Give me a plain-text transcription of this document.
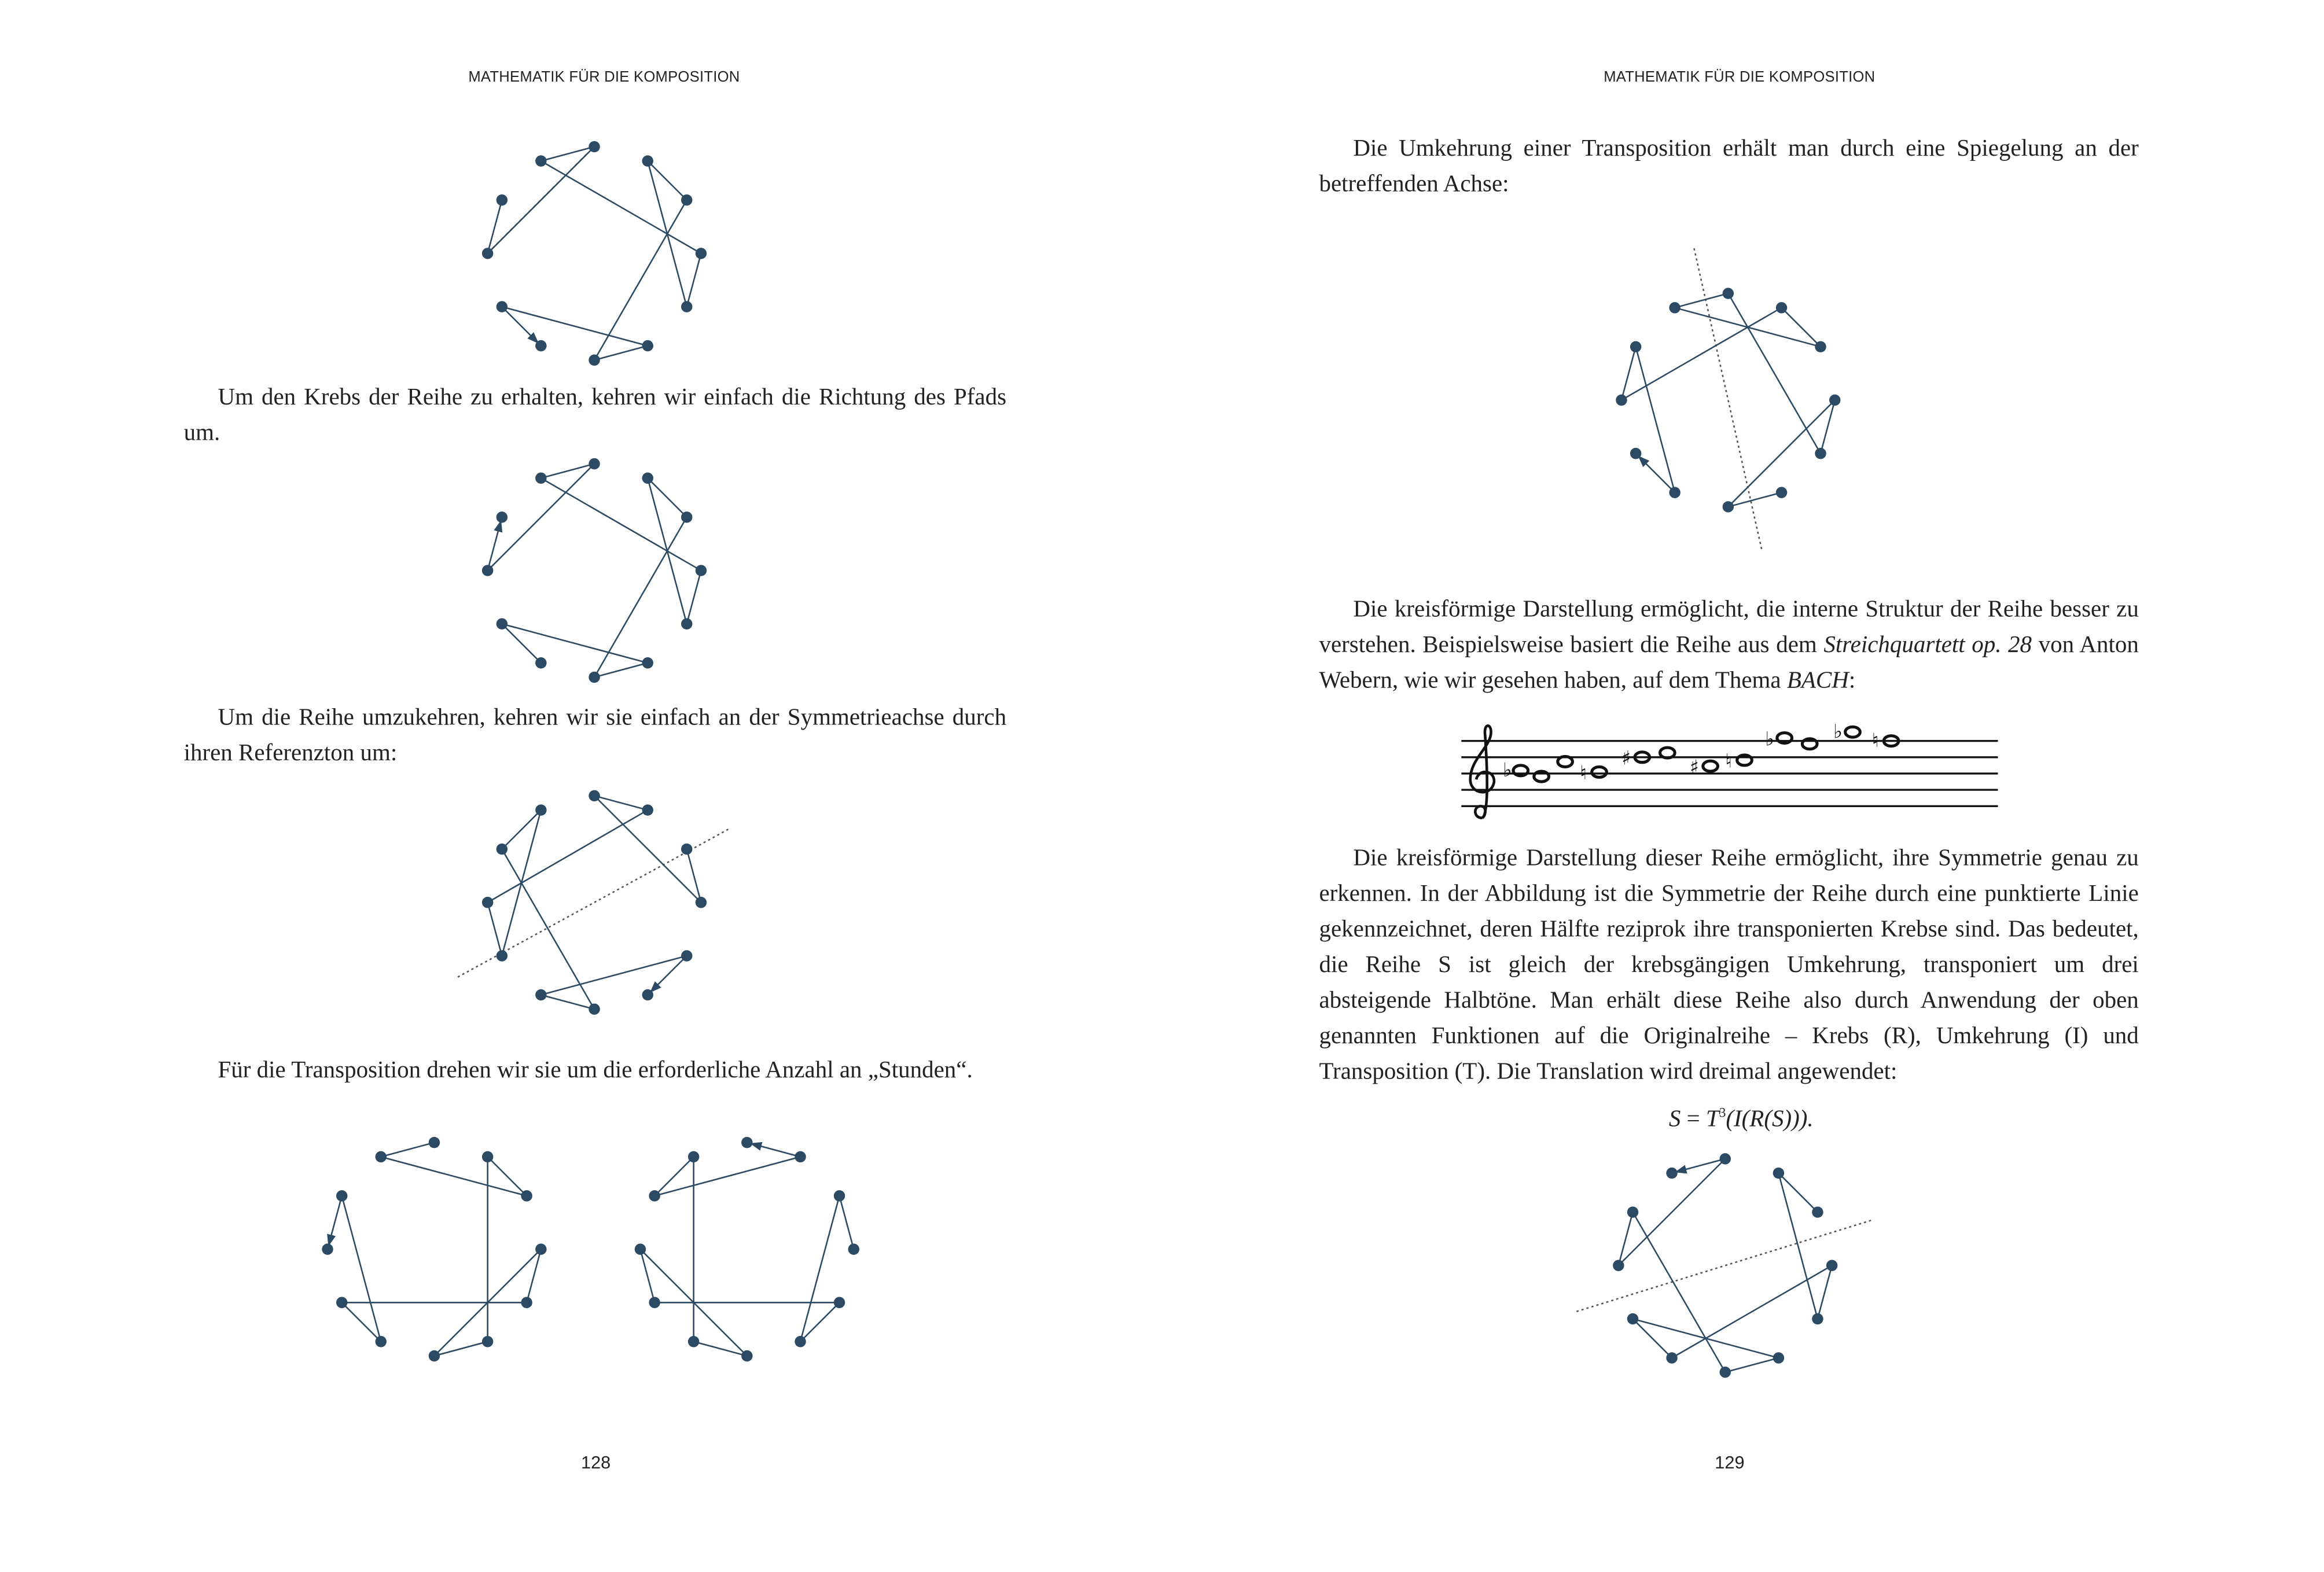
MATHEMATIK FÜR DIE KOMPOSITION	MATHEMATIK FÜR DIE KOMPOSITION
Um den Krebs der Reihe zu erhalten, kehren wir einfach die Richtung des Pfads um.
Um die Reihe umzukehren, kehren wir sie einfach an der Symmetrieachse durch ihren Referenzton um:
Für die Transposition drehen wir sie um die erforderliche Anzahl an „Stunden“.
128
Die Umkehrung einer Transposition erhält man durch eine Spiegelung an der betreffenden Achse:
Die kreisförmige Darstellung ermöglicht, die interne Struktur der Reihe besser zu verstehen. Beispielsweise basiert die Reihe aus dem Streichquartett op. 28 von Anton Webern, wie wir gesehen haben, auf dem Thema BACH:
♭	♮
♯	♯	♮
♭	♭	♮
Die kreisförmige Darstellung dieser Reihe ermöglicht, ihre Symmetrie genau zu erkennen. In der Abbildung ist die Symmetrie der Reihe durch eine punktierte Linie gekennzeichnet, deren Hälfte reziprok ihre transponierten Krebse sind. Das bedeutet, die Reihe S ist gleich der krebsgängigen Umkehrung, transponiert um drei absteigende Halbtöne. Man erhält diese Reihe also durch Anwendung der oben genannten Funktionen auf die Originalreihe – Krebs (R), Umkehrung (I) und Transposition (T). Die Translation wird dreimal angewendet:
$S = T^3(I(R(S)))$.
129
